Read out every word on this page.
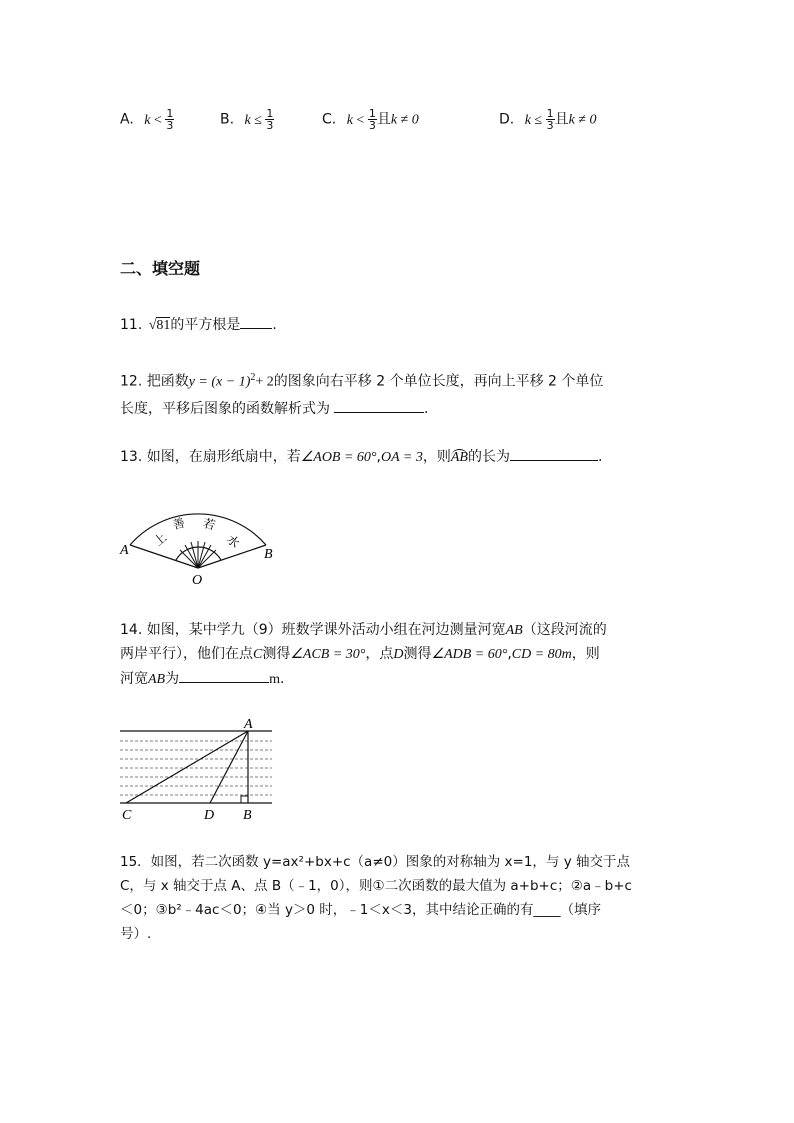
A. $k < \frac{1}{3}$	B. $k \le \frac{1}{3}$	C. $k < \frac{1}{3}$ 且k ≠ 0	D. $k \le \frac{1}{3}$ 且k ≠ 0
二、填空题
11. √81的平方根是 .
12. 把函数$y = (x - 1)^2+ 2$的图象向右平移 2 个单位长度，再向上平移 2 个单位
长度，平移后图象的函数解析式为	.
13. 如图，在扇形纸扇中，若∠AOB = 60°,OA = 3，则AB的长为	.
上
善 若
水
A	B
O
14. 如图，某中学九（9）班数学课外活动小组在河边测量河宽AB（这段河流的
两岸平行），他们在点C测得∠ACB = 30°，点D测得∠ADB = 60°,CD = 80m，则
河宽AB为	m.
A
C	D B
15．如图，若二次函数 y=ax²+bx+c（a≠0）图象的对称轴为 x=1，与 y 轴交于点
C，与 x 轴交于点 A、点 B（﹣1，0），则①二次函数的最大值为 a+b+c；②a﹣b+c
＜0；③b²﹣4ac＜0；④当 y＞0 时，﹣1＜x＜3，其中结论正确的有____（填序
号）.
